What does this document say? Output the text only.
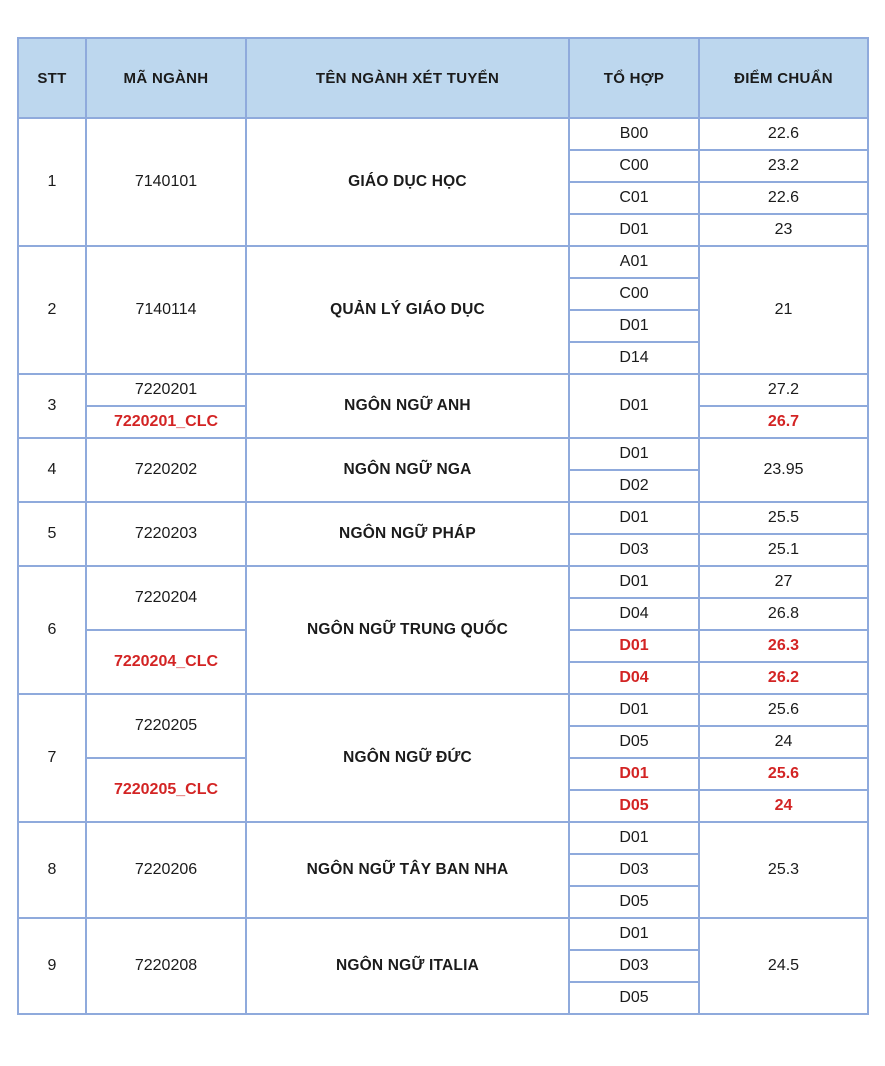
STT	MÃ NGÀNH	TÊN NGÀNH XÉT TUYỂN	TỔ HỢP	ĐIỂM CHUẨN
1	7140101	GIÁO DỤC HỌC	B00	22.6
			C00	23.2
			C01	22.6
			D01	23
2	7140114	QUẢN LÝ GIÁO DỤC	A01	21
			C00	
			D01	
			D14	
3	7220201	NGÔN NGỮ ANH	D01	27.2
	7220201_CLC			26.7
4	7220202	NGÔN NGỮ NGA	D01	23.95
			D02	
5	7220203	NGÔN NGỮ PHÁP	D01	25.5
			D03	25.1
6	7220204	NGÔN NGỮ TRUNG QUỐC	D01	27
			D04	26.8
	7220204_CLC		D01	26.3
			D04	26.2
7	7220205	NGÔN NGỮ ĐỨC	D01	25.6
			D05	24
	7220205_CLC		D01	25.6
			D05	24
8	7220206	NGÔN NGỮ TÂY BAN NHA	D01	25.3
			D03	
			D05	
9	7220208	NGÔN NGỮ ITALIA	D01	24.5
			D03	
			D05	
